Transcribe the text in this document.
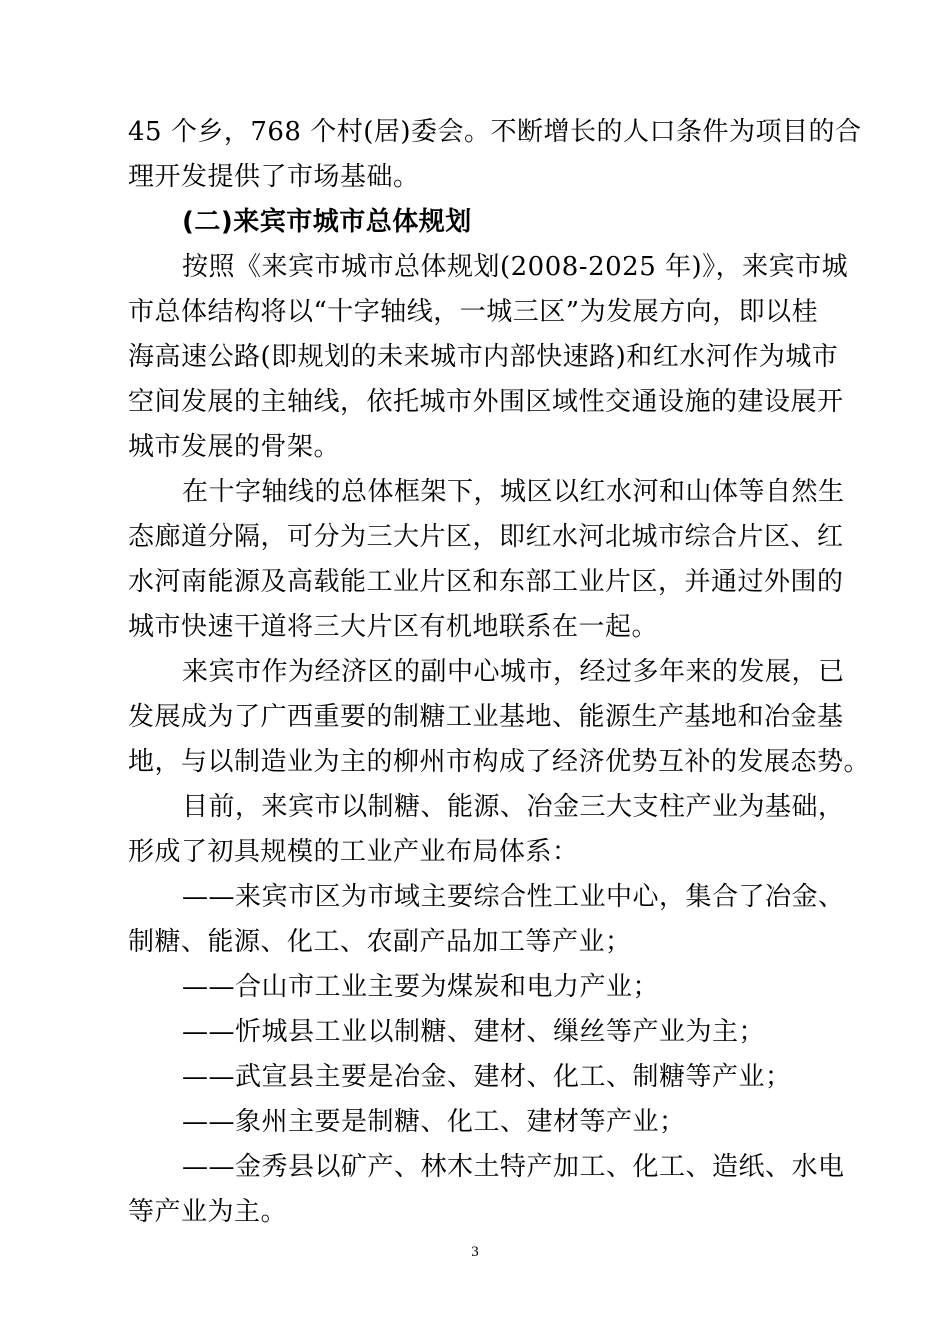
45 个乡，768 个村(居)委会。不断增长的人口条件为项目的合
理开发提供了市场基础。
(二)来宾市城市总体规划
按照《来宾市城市总体规划(2008-2025 年)》，来宾市城
市总体结构将以“十字轴线，一城三区”为发展方向，即以桂
海高速公路(即规划的未来城市内部快速路)和红水河作为城市
空间发展的主轴线，依托城市外围区域性交通设施的建设展开
城市发展的骨架。
在十字轴线的总体框架下，城区以红水河和山体等自然生
态廊道分隔，可分为三大片区，即红水河北城市综合片区、红
水河南能源及高载能工业片区和东部工业片区，并通过外围的
城市快速干道将三大片区有机地联系在一起。
来宾市作为经济区的副中心城市，经过多年来的发展，已
发展成为了广西重要的制糖工业基地、能源生产基地和冶金基
地，与以制造业为主的柳州市构成了经济优势互补的发展态势。
目前，来宾市以制糖、能源、冶金三大支柱产业为基础，
形成了初具规模的工业产业布局体系：
——来宾市区为市域主要综合性工业中心，集合了冶金、
制糖、能源、化工、农副产品加工等产业；
——合山市工业主要为煤炭和电力产业；
——忻城县工业以制糖、建材、缫丝等产业为主；
——武宣县主要是冶金、建材、化工、制糖等产业；
——象州主要是制糖、化工、建材等产业；
——金秀县以矿产、林木土特产加工、化工、造纸、水电
等产业为主。
3
